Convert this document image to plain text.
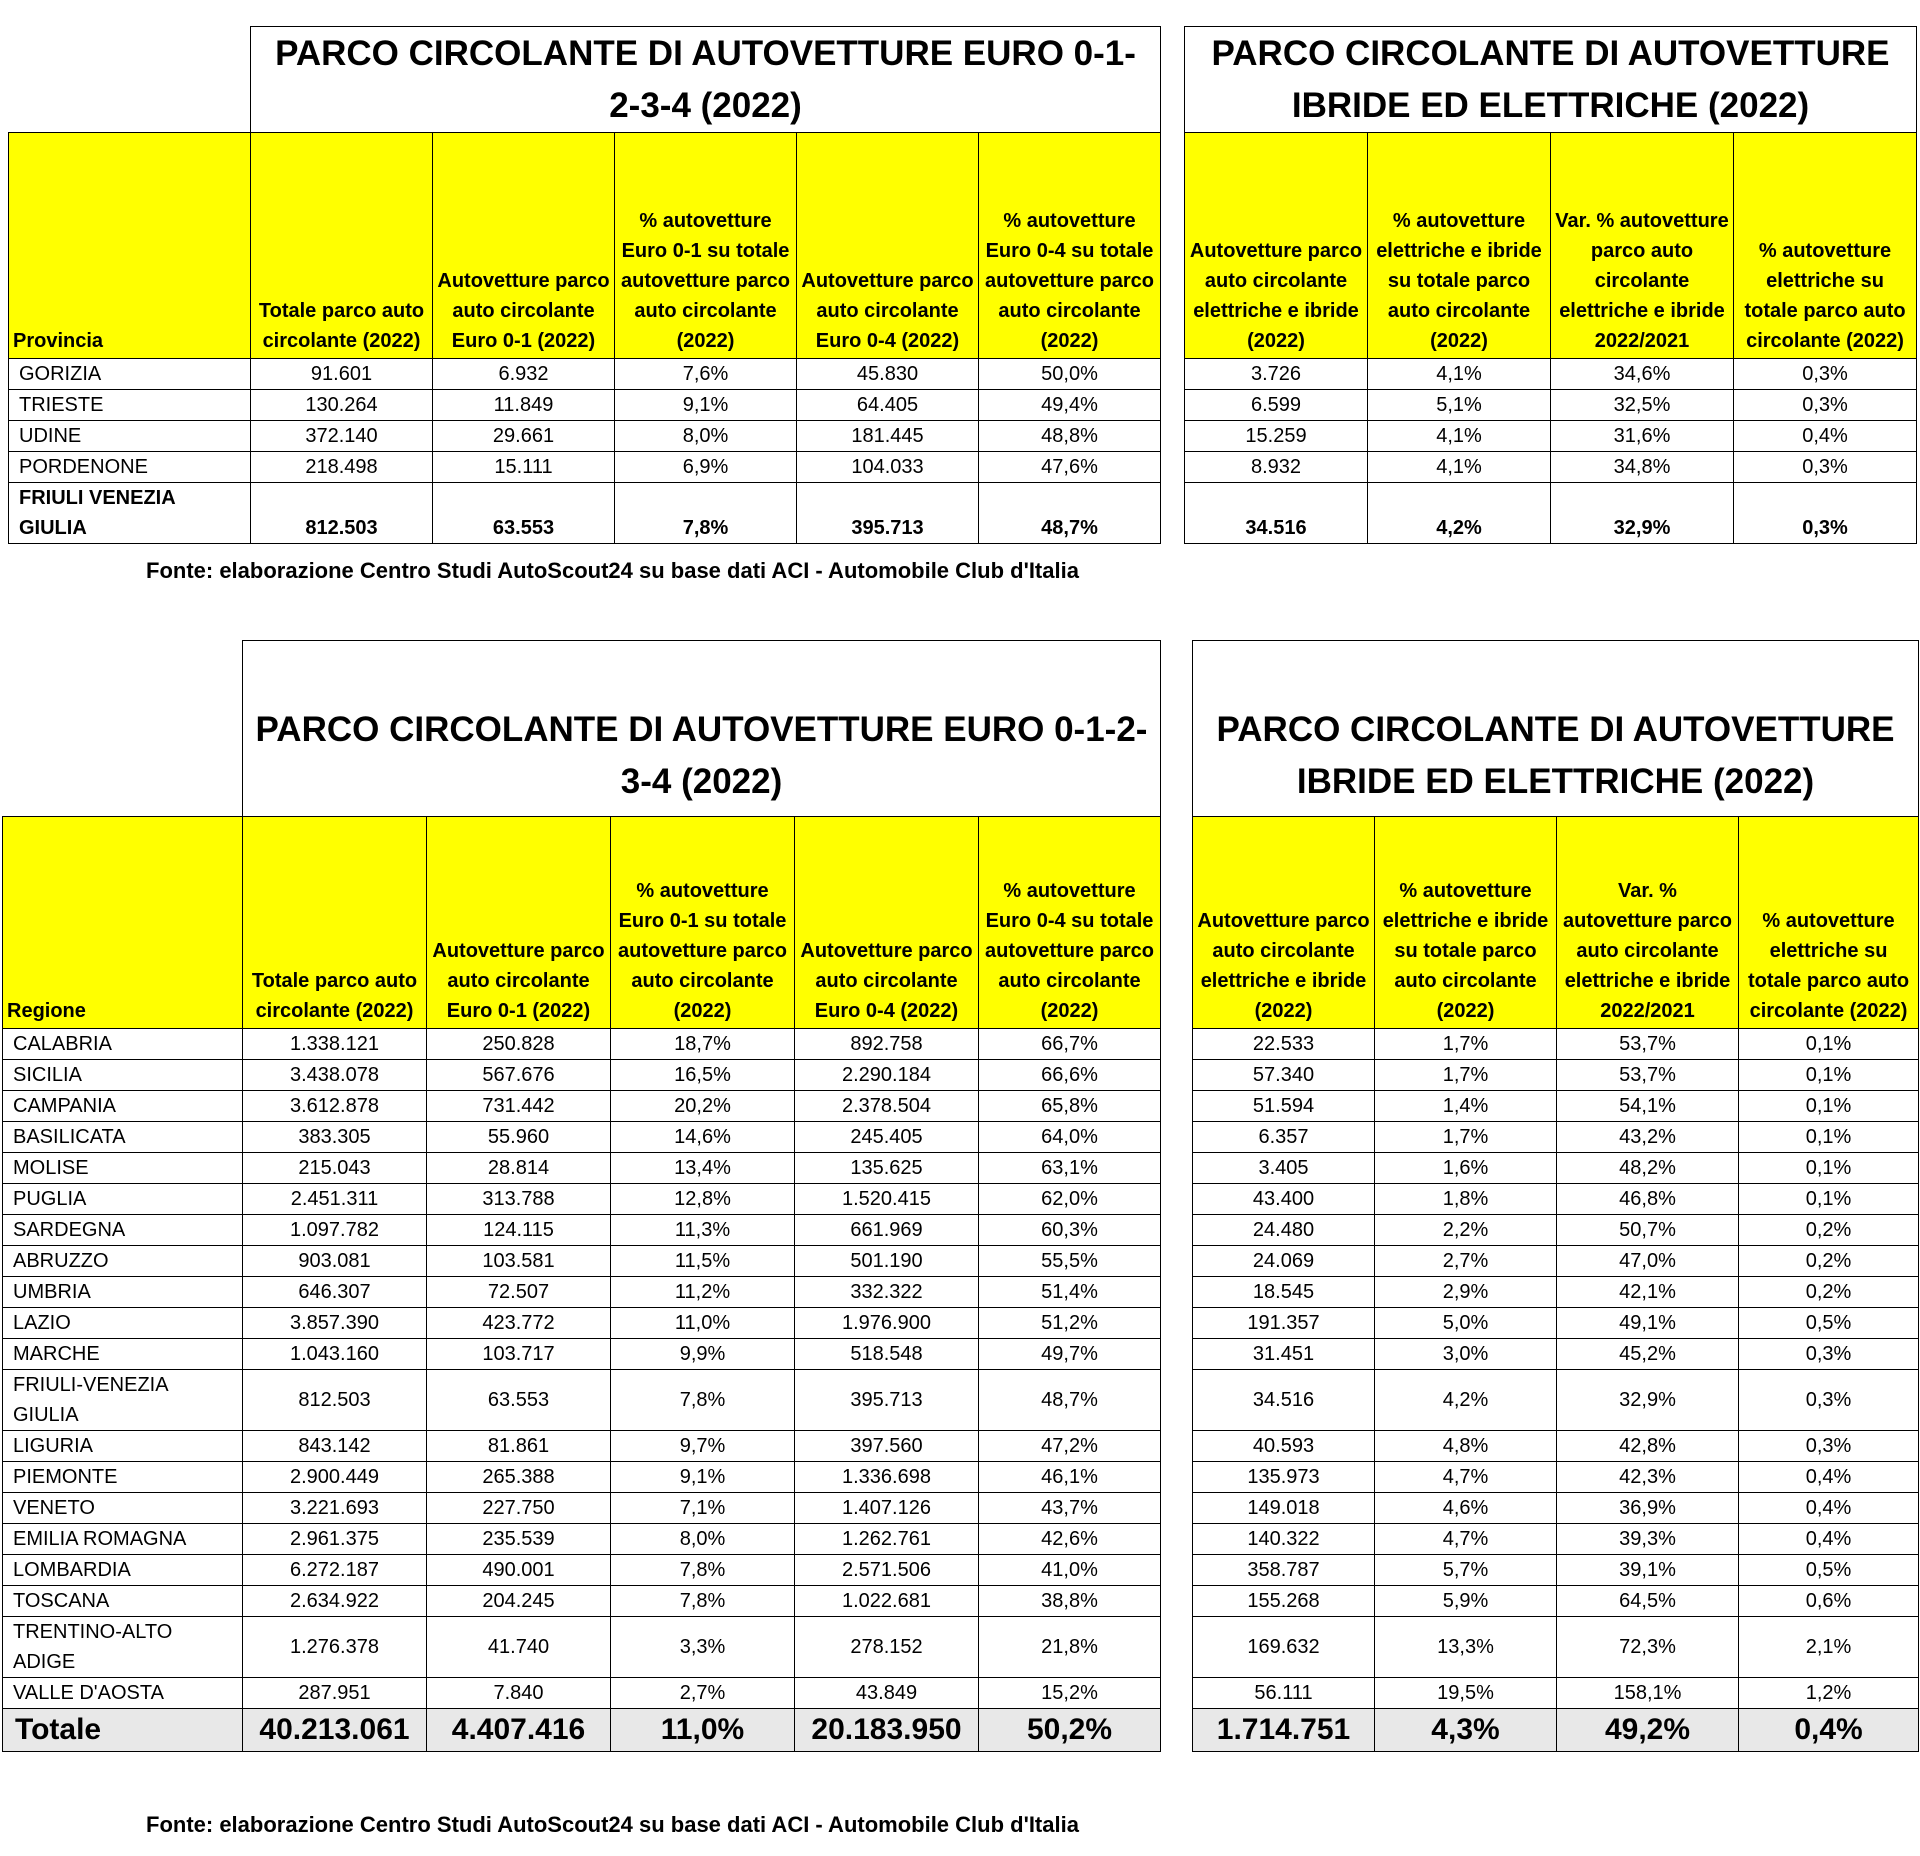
	PARCO CIRCOLANTE DI AUTOVETTURE EURO 0-1-2-3-4 (2022)				
Provincia	Totale parco auto circolante (2022)	Autovetture parco auto circolante Euro 0-1 (2022)	% autovetture Euro 0-1 su totale autovetture parco auto circolante (2022)	Autovetture parco auto circolante Euro 0-4 (2022)	% autovetture Euro 0-4 su totale autovetture parco auto circolante (2022)
GORIZIA	91.601	6.932	7,6%	45.830	50,0%
TRIESTE	130.264	11.849	9,1%	64.405	49,4%
UDINE	372.140	29.661	8,0%	181.445	48,8%
PORDENONE	218.498	15.111	6,9%	104.033	47,6%
FRIULI VENEZIA GIULIA	812.503	63.553	7,8%	395.713	48,7%
PARCO CIRCOLANTE DI AUTOVETTURE IBRIDE ED ELETTRICHE (2022)			
Autovetture parco auto circolante elettriche e ibride (2022)	% autovetture elettriche e ibride su totale parco auto circolante (2022)	Var. % autovetture parco auto circolante elettriche e ibride 2022/2021	% autovetture elettriche su totale parco auto circolante (2022)
3.726	4,1%	34,6%	0,3%
6.599	5,1%	32,5%	0,3%
15.259	4,1%	31,6%	0,4%
8.932	4,1%	34,8%	0,3%
34.516	4,2%	32,9%	0,3%
Fonte: elaborazione Centro Studi AutoScout24 su base dati ACI - Automobile Club d'Italia
	PARCO CIRCOLANTE DI AUTOVETTURE EURO 0-1-2-3-4 (2022)				
Regione	Totale parco auto circolante (2022)	Autovetture parco auto circolante Euro 0-1 (2022)	% autovetture Euro 0-1 su totale autovetture parco auto circolante (2022)	Autovetture parco auto circolante Euro 0-4 (2022)	% autovetture Euro 0-4 su totale autovetture parco auto circolante (2022)
CALABRIA	1.338.121	250.828	18,7%	892.758	66,7%
SICILIA	3.438.078	567.676	16,5%	2.290.184	66,6%
CAMPANIA	3.612.878	731.442	20,2%	2.378.504	65,8%
BASILICATA	383.305	55.960	14,6%	245.405	64,0%
MOLISE	215.043	28.814	13,4%	135.625	63,1%
PUGLIA	2.451.311	313.788	12,8%	1.520.415	62,0%
SARDEGNA	1.097.782	124.115	11,3%	661.969	60,3%
ABRUZZO	903.081	103.581	11,5%	501.190	55,5%
UMBRIA	646.307	72.507	11,2%	332.322	51,4%
LAZIO	3.857.390	423.772	11,0%	1.976.900	51,2%
MARCHE	1.043.160	103.717	9,9%	518.548	49,7%
FRIULI-VENEZIA GIULIA	812.503	63.553	7,8%	395.713	48,7%
LIGURIA	843.142	81.861	9,7%	397.560	47,2%
PIEMONTE	2.900.449	265.388	9,1%	1.336.698	46,1%
VENETO	3.221.693	227.750	7,1%	1.407.126	43,7%
EMILIA ROMAGNA	2.961.375	235.539	8,0%	1.262.761	42,6%
LOMBARDIA	6.272.187	490.001	7,8%	2.571.506	41,0%
TOSCANA	2.634.922	204.245	7,8%	1.022.681	38,8%
TRENTINO-ALTO ADIGE	1.276.378	41.740	3,3%	278.152	21,8%
VALLE D'AOSTA	287.951	7.840	2,7%	43.849	15,2%
Totale	40.213.061	4.407.416	11,0%	20.183.950	50,2%
PARCO CIRCOLANTE DI AUTOVETTURE IBRIDE ED ELETTRICHE (2022)			
Autovetture parco auto circolante elettriche e ibride (2022)	% autovetture elettriche e ibride su totale parco auto circolante (2022)	Var. % autovetture parco auto circolante elettriche e ibride 2022/2021	% autovetture elettriche su totale parco auto circolante (2022)
22.533	1,7%	53,7%	0,1%
57.340	1,7%	53,7%	0,1%
51.594	1,4%	54,1%	0,1%
6.357	1,7%	43,2%	0,1%
3.405	1,6%	48,2%	0,1%
43.400	1,8%	46,8%	0,1%
24.480	2,2%	50,7%	0,2%
24.069	2,7%	47,0%	0,2%
18.545	2,9%	42,1%	0,2%
191.357	5,0%	49,1%	0,5%
31.451	3,0%	45,2%	0,3%
34.516	4,2%	32,9%	0,3%
40.593	4,8%	42,8%	0,3%
135.973	4,7%	42,3%	0,4%
149.018	4,6%	36,9%	0,4%
140.322	4,7%	39,3%	0,4%
358.787	5,7%	39,1%	0,5%
155.268	5,9%	64,5%	0,6%
169.632	13,3%	72,3%	2,1%
56.111	19,5%	158,1%	1,2%
1.714.751	4,3%	49,2%	0,4%
Fonte: elaborazione Centro Studi AutoScout24 su base dati ACI - Automobile Club d'Italia
